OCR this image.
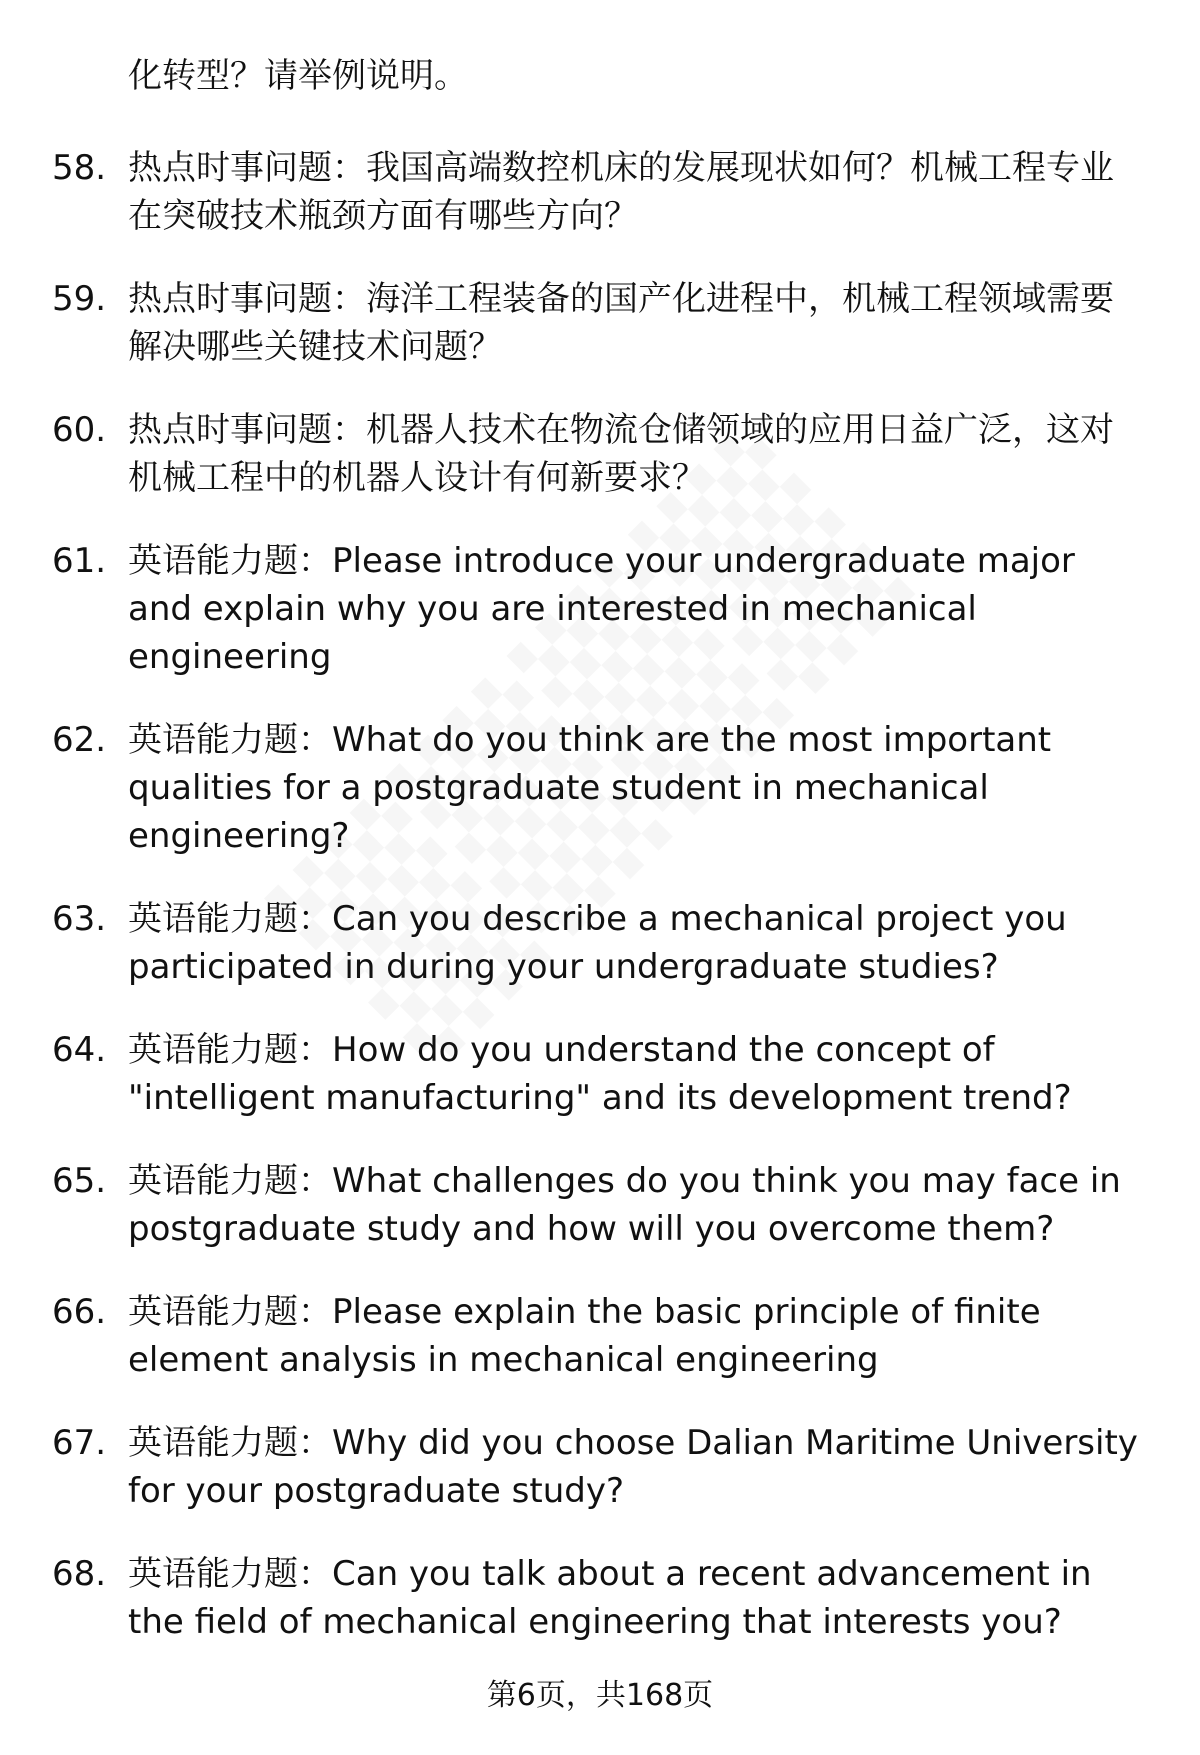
化转型？请举例说明。
58. 热点时事问题：我国高端数控机床的发展现状如何？机械工程专业在突破技术瓶颈方面有哪些方向？
59. 热点时事问题：海洋工程装备的国产化进程中，机械工程领域需要解决哪些关键技术问题？
60. 热点时事问题：机器人技术在物流仓储领域的应用日益广泛，这对机械工程中的机器人设计有何新要求？
61. 英语能力题：Please introduce your undergraduate major and explain why you are interested in mechanical engineering
62. 英语能力题：What do you think are the most important qualities for a postgraduate student in mechanical engineering?
63. 英语能力题：Can you describe a mechanical project you participated in during your undergraduate studies?
64. 英语能力题：How do you understand the concept of "intelligent manufacturing" and its development trend?
65. 英语能力题：What challenges do you think you may face in postgraduate study and how will you overcome them?
66. 英语能力题：Please explain the basic principle of finite element analysis in mechanical engineering
67. 英语能力题：Why did you choose Dalian Maritime University for your postgraduate study?
68. 英语能力题：Can you talk about a recent advancement in the field of mechanical engineering that interests you?
第6页，共168页
